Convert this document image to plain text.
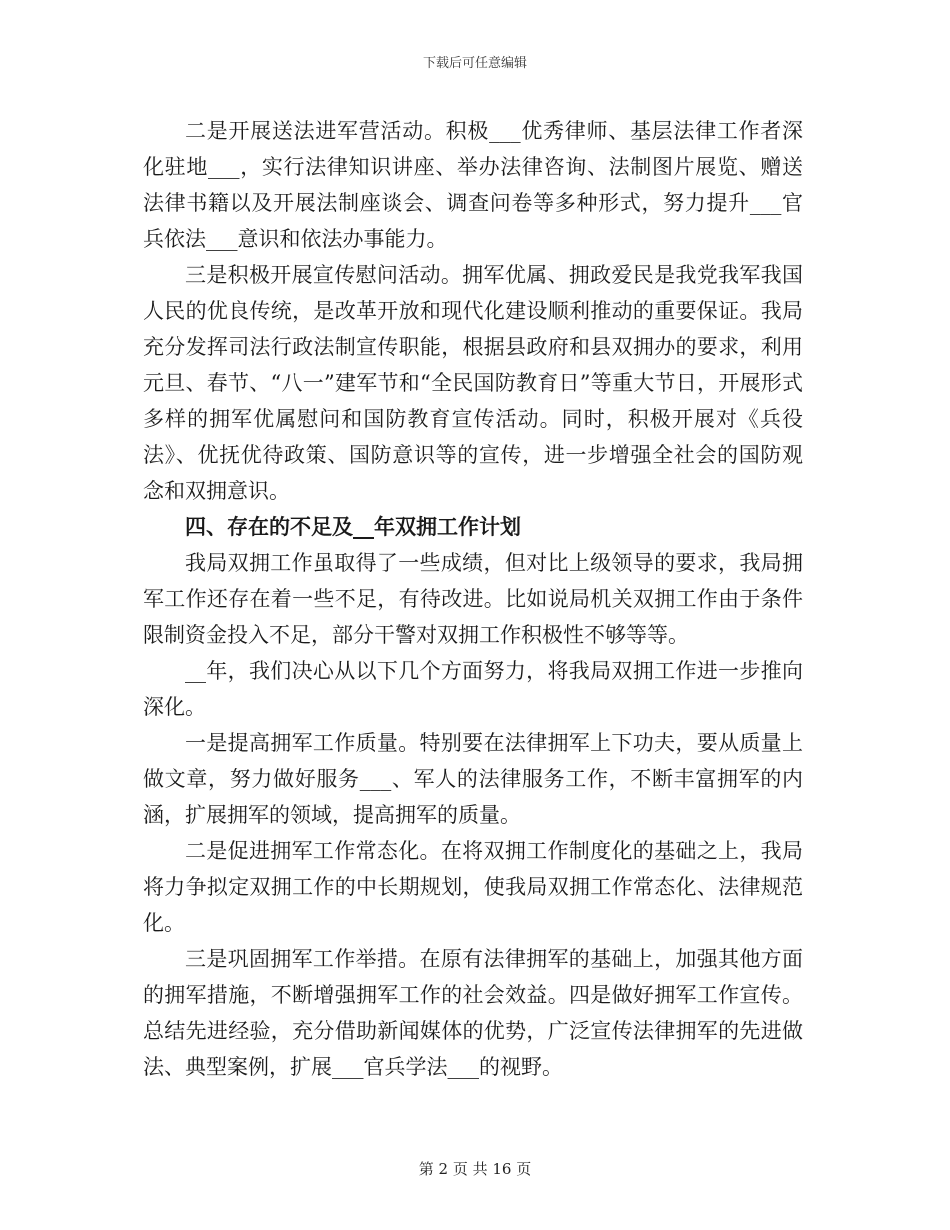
下载后可任意编辑

二是开展送法进军营活动。积极___优秀律师、基层法律工作者深化驻地___，实行法律知识讲座、举办法律咨询、法制图片展览、赠送法律书籍以及开展法制座谈会、调查问卷等多种形式，努力提升___官兵依法___意识和依法办事能力。

三是积极开展宣传慰问活动。拥军优属、拥政爱民是我党我军我国人民的优良传统，是改革开放和现代化建设顺利推动的重要保证。我局充分发挥司法行政法制宣传职能，根据县政府和县双拥办的要求，利用元旦、春节、“八一”建军节和“全民国防教育日”等重大节日，开展形式多样的拥军优属慰问和国防教育宣传活动。同时，积极开展对《兵役法》、优抚优待政策、国防意识等的宣传，进一步增强全社会的国防观念和双拥意识。

四、存在的不足及__年双拥工作计划

我局双拥工作虽取得了一些成绩，但对比上级领导的要求，我局拥军工作还存在着一些不足，有待改进。比如说局机关双拥工作由于条件限制资金投入不足，部分干警对双拥工作积极性不够等等。

__年，我们决心从以下几个方面努力，将我局双拥工作进一步推向深化。

一是提高拥军工作质量。特别要在法律拥军上下功夫，要从质量上做文章，努力做好服务___、军人的法律服务工作，不断丰富拥军的内涵，扩展拥军的领域，提高拥军的质量。

二是促进拥军工作常态化。在将双拥工作制度化的基础之上，我局将力争拟定双拥工作的中长期规划，使我局双拥工作常态化、法律规范化。

三是巩固拥军工作举措。在原有法律拥军的基础上，加强其他方面的拥军措施，不断增强拥军工作的社会效益。四是做好拥军工作宣传。总结先进经验，充分借助新闻媒体的优势，广泛宣传法律拥军的先进做法、典型案例，扩展___官兵学法___的视野。

第 2 页 共 16 页
